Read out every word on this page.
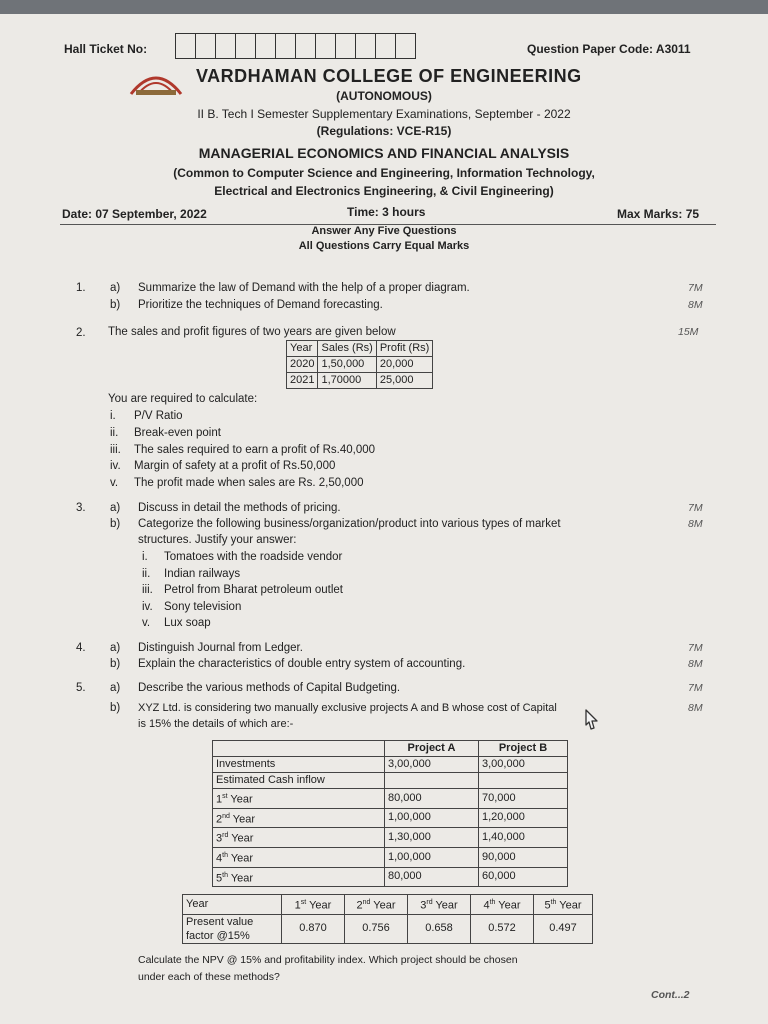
Hall Ticket No:	Question Paper Code: A3011
VARDHAMAN COLLEGE OF ENGINEERING
(AUTONOMOUS)
II B. Tech I Semester Supplementary Examinations, September - 2022
(Regulations: VCE-R15)
MANAGERIAL ECONOMICS AND FINANCIAL ANALYSIS
(Common to Computer Science and Engineering, Information Technology,
Electrical and Electronics Engineering, & Civil Engineering)
Date: 07 September, 2022	Time: 3 hours	Max Marks: 75
Answer Any Five Questions
All Questions Carry Equal Marks
1. a) Summarize the law of Demand with the help of a proper diagram.	7M
b) Prioritize the techniques of Demand forecasting.	8M
2. The sales and profit figures of two years are given below	15M
Year	Sales (Rs)	Profit (Rs)
2020	1,50,000	20,000
2021	1,70000	25,000
You are required to calculate:
i. P/V Ratio
ii. Break-even point
iii. The sales required to earn a profit of Rs.40,000
iv. Margin of safety at a profit of Rs.50,000
v. The profit made when sales are Rs. 2,50,000
3. a) Discuss in detail the methods of pricing.	7M
b) Categorize the following business/organization/product into various types of market	8M
structures. Justify your answer:
i. Tomatoes with the roadside vendor
ii. Indian railways
iii. Petrol from Bharat petroleum outlet
iv. Sony television
v. Lux soap
4. a) Distinguish Journal from Ledger.	7M
b) Explain the characteristics of double entry system of accounting.	8M
5. a) Describe the various methods of Capital Budgeting.	7M
b) XYZ Ltd. is considering two manually exclusive projects A and B whose cost of Capital	8M
is 15% the details of which are:-
	Project A	Project B
Investments	3,00,000	3,00,000
Estimated Cash inflow		
1st Year	80,000	70,000
2nd Year	1,00,000	1,20,000
3rd Year	1,30,000	1,40,000
4th Year	1,00,000	90,000
5th Year	80,000	60,000
Year	1st Year	2nd Year	3rd Year	4th Year	5th Year
Present value
factor @15%	0.870	0.756	0.658	0.572	0.497
Calculate the NPV @ 15% and profitability index. Which project should be chosen
under each of these methods?
Cont...2
